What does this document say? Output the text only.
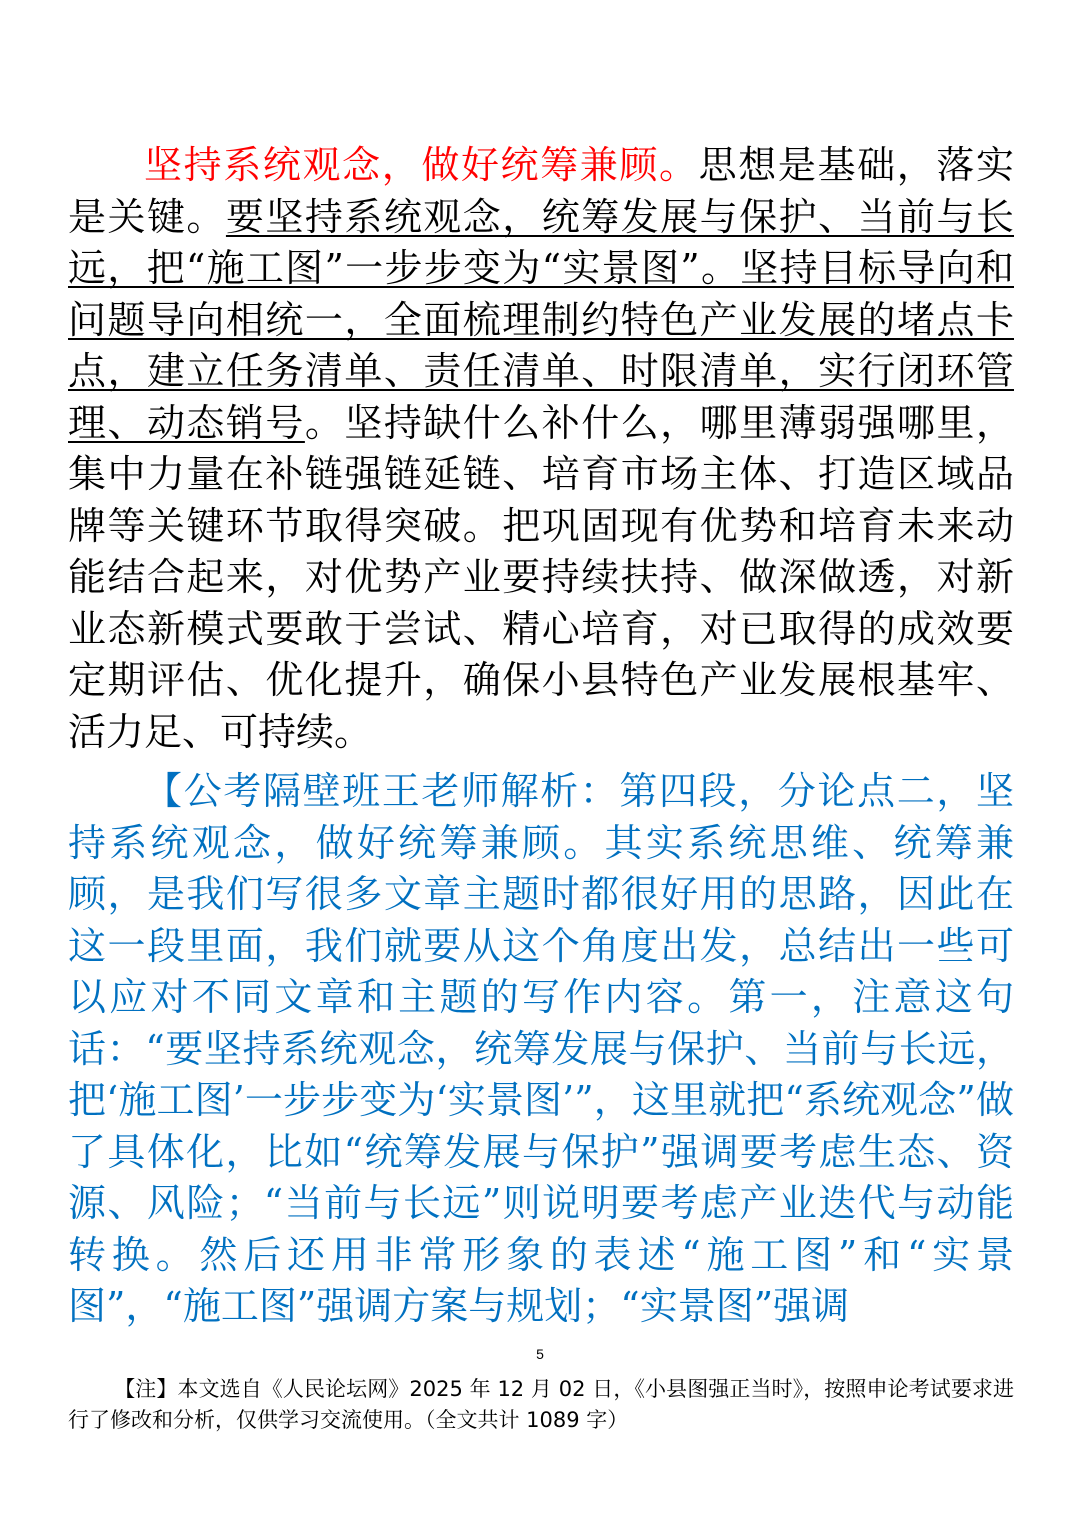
坚持系统观念，做好统筹兼顾。思想是基础，落实是关键。要坚持系统观念，统筹发展与保护、当前与长远，把“施工图”一步步变为“实景图”。坚持目标导向和问题导向相统一，全面梳理制约特色产业发展的堵点卡点，建立任务清单、责任清单、时限清单，实行闭环管理、动态销号。坚持缺什么补什么，哪里薄弱强哪里，集中力量在补链强链延链、培育市场主体、打造区域品牌等关键环节取得突破。把巩固现有优势和培育未来动能结合起来，对优势产业要持续扶持、做深做透，对新业态新模式要敢于尝试、精心培育，对已取得的成效要定期评估、优化提升，确保小县特色产业发展根基牢、活力足、可持续。

【公考隔壁班王老师解析：第四段，分论点二，坚持系统观念，做好统筹兼顾。其实系统思维、统筹兼顾，是我们写很多文章主题时都很好用的思路，因此在这一段里面，我们就要从这个角度出发，总结出一些可以应对不同文章和主题的写作内容。第一，注意这句话：“要坚持系统观念，统筹发展与保护、当前与长远，把‘施工图’一步步变为‘实景图’”，这里就把“系统观念”做了具体化，比如“统筹发展与保护”强调要考虑生态、资源、风险；“当前与长远”则说明要考虑产业迭代与动能转换。然后还用非常形象的表述“施工图”和“实景图”，“施工图”强调方案与规划；“实景图”强调

5
【注】本文选自《人民论坛网》2025 年 12 月 02 日，《小县图强正当时》，按照申论考试要求进行了修改和分析，仅供学习交流使用。（全文共计 1089 字）
